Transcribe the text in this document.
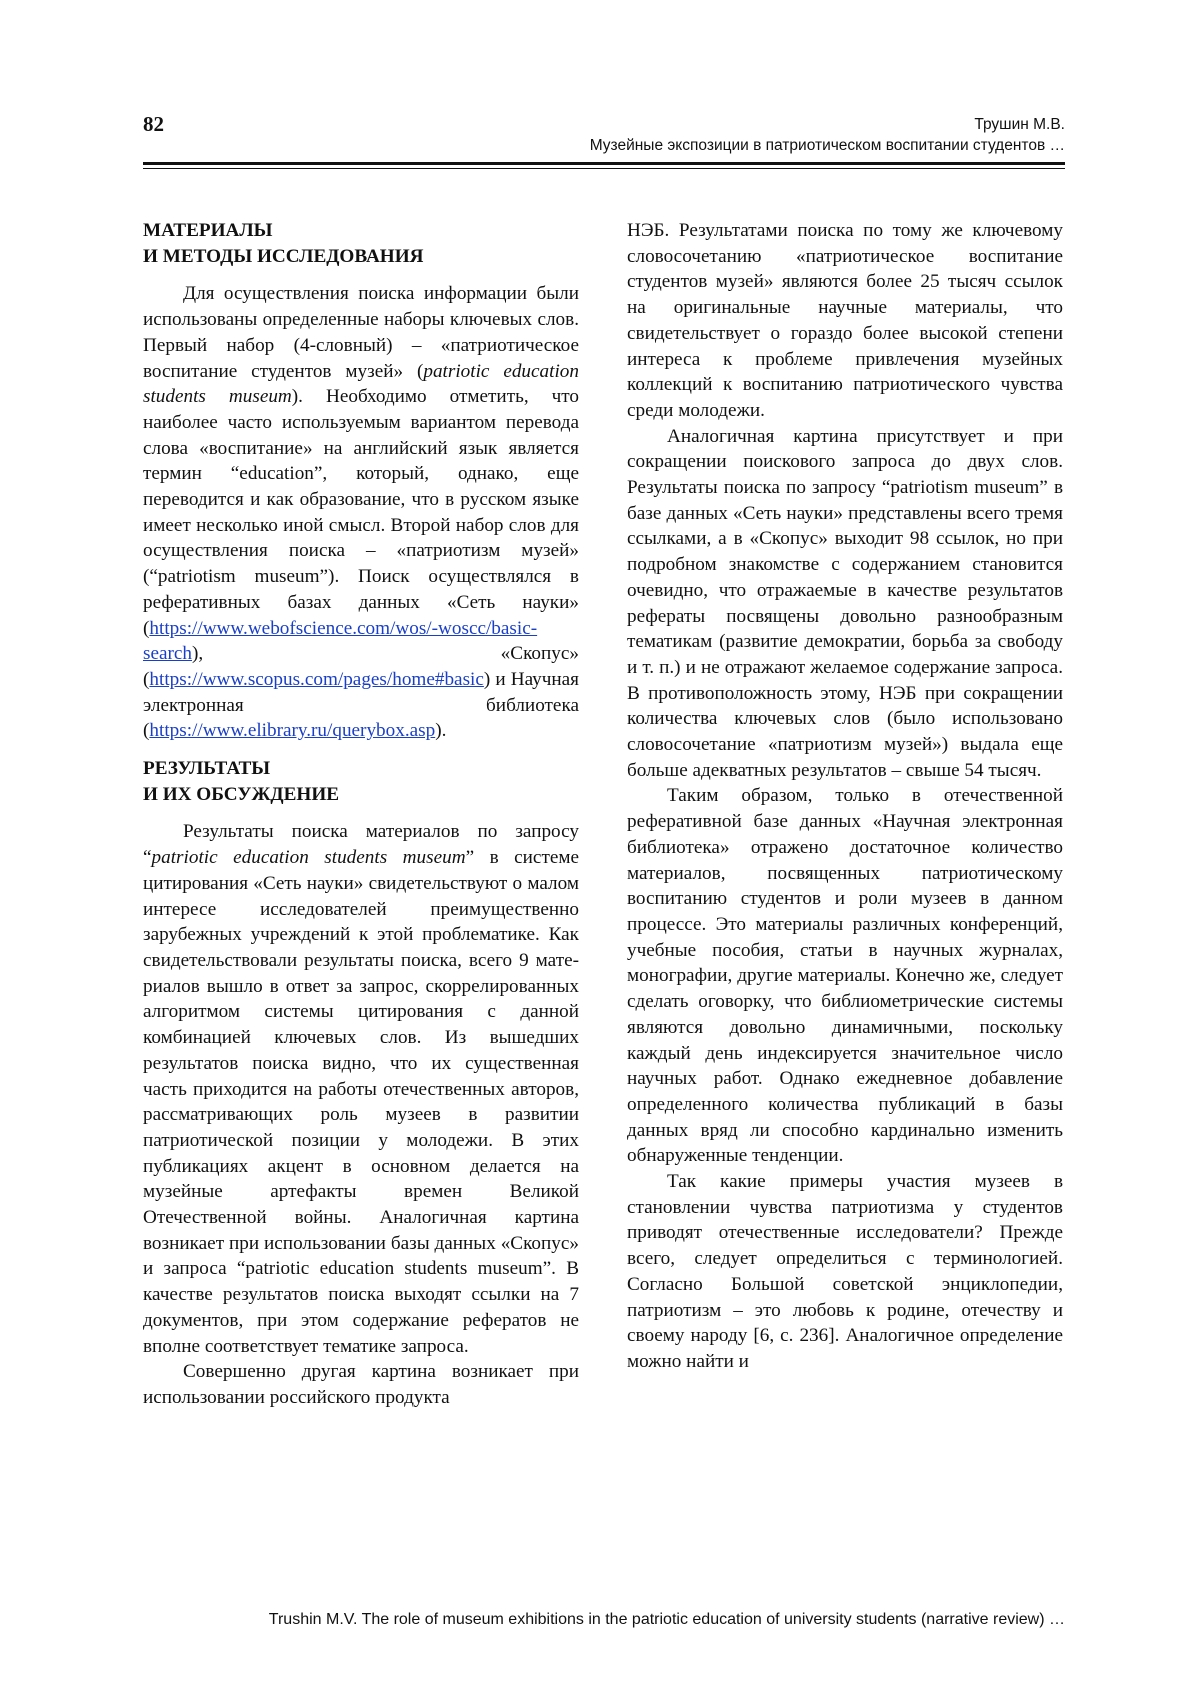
82	Трушин М.В.
Музейные экспозиции в патриотическом воспитании студентов …
МАТЕРИАЛЫ
И МЕТОДЫ ИССЛЕДОВАНИЯ

Для осуществления поиска информации были использованы определенные наборы ключевых слов. Первый набор (4-словный) – «патриотическое воспитание студентов музей» (patriotic education students museum). Необходимо отметить, что наиболее часто используемым вариантом перевода слова «воспитание» на английский язык является термин “education”, который, однако, еще переводится и как образование, что в русском языке имеет несколько иной смысл. Второй набор слов для осуществления поиска – «патриотизм музей» (“patriotism museum”). Поиск осуществлялся в реферативных базах данных «Сеть науки» (https://www.webofscience.com/wos/-woscc/basic-search), «Скопус» (https://www.scopus.com/pages/home#basic) и Научная электронная библиотека (https://www.elibrary.ru/querybox.asp).

РЕЗУЛЬТАТЫ
И ИХ ОБСУЖДЕНИЕ

Результаты поиска материалов по запросу “patriotic education students museum” в системе цитирования «Сеть науки» свидетельствуют о малом интересе исследователей преимущественно зарубежных учреждений к этой проблематике. Как свидетельствовали результаты поиска, всего 9 материалов вышло в ответ за запрос, скоррелированных алгоритмом системы цитирования с данной комбинацией ключевых слов. Из вышедших результатов поиска видно, что их существенная часть приходится на работы отечественных авторов, рассматривающих роль музеев в развитии патриотической позиции у молодежи. В этих публикациях акцент в основном делается на музейные артефакты времен Великой Отечественной войны. Аналогичная картина возникает при использовании базы данных «Скопус» и запроса “patriotic education students museum”. В качестве результатов поиска выходят ссылки на 7 документов, при этом содержание рефератов не вполне соответствует тематике запроса.

Совершенно другая картина возникает при использовании российского продукта

НЭБ. Результатами поиска по тому же ключевому словосочетанию «патриотическое воспитание студентов музей» являются более 25 тысяч ссылок на оригинальные научные материалы, что свидетельствует о гораздо более высокой степени интереса к проблеме привлечения музейных коллекций к воспитанию патриотического чувства среди молодежи.

Аналогичная картина присутствует и при сокращении поискового запроса до двух слов. Результаты поиска по запросу “patriotism museum” в базе данных «Сеть науки» представлены всего тремя ссылками, а в «Скопус» выходит 98 ссылок, но при подробном знакомстве с содержанием становится очевидно, что отражаемые в качестве результатов рефераты посвящены довольно разнообразным тематикам (развитие демократии, борьба за свободу и т. п.) и не отражают желаемое содержание запроса. В противоположность этому, НЭБ при сокращении количества ключевых слов (было использовано словосочетание «патриотизм музей») выдала еще больше адекватных результатов – свыше 54 тысяч.

Таким образом, только в отечественной реферативной базе данных «Научная электронная библиотека» отражено достаточное количество материалов, посвященных патриотическому воспитанию студентов и роли музеев в данном процессе. Это материалы различных конференций, учебные пособия, статьи в научных журналах, монографии, другие материалы. Конечно же, следует сделать оговорку, что библиометрические системы являются довольно динамичными, поскольку каждый день индексируется значительное число научных работ. Однако ежедневное добавление определенного количества публикаций в базы данных вряд ли способно кардинально изменить обнаруженные тенденции.

Так какие примеры участия музеев в становлении чувства патриотизма у студентов приводят отечественные исследователи? Прежде всего, следует определиться с терминологией. Согласно Большой советской энциклопедии, патриотизм – это любовь к родине, отечеству и своему народу [6, с. 236]. Аналогичное определение можно найти и

Trushin M.V. The role of museum exhibitions in the patriotic education of university students (narrative review) …
